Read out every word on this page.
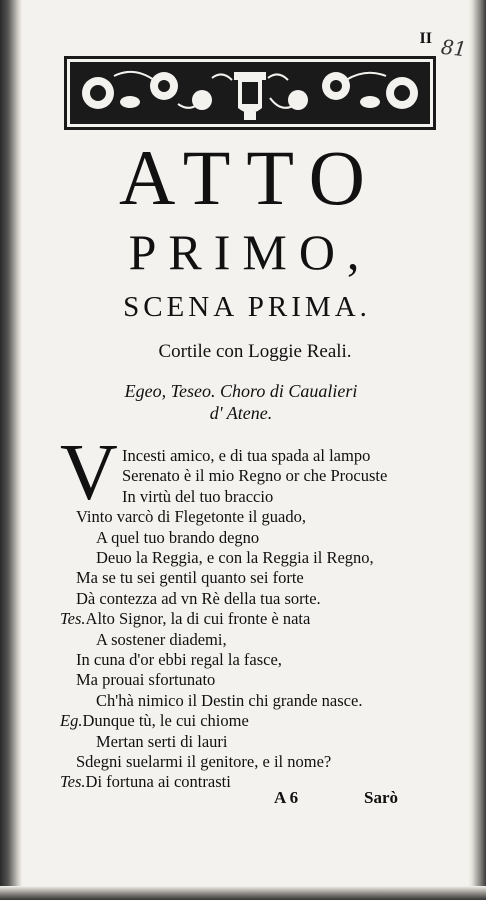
II 81
ATTO
PRIMO,
SCENA PRIMA.
Cortile con Loggie Reali.
Egeo, Teseo. Choro di Caualieri
d' Atene.
V Incesti amico, e di tua spada al lampo
Serenato è il mio Regno or che Procuste
In virtù del tuo braccio
Vinto varcò di Flegetonte il guado,
A quel tuo brando degno
Deuo la Reggia, e con la Reggia il Regno,
Ma se tu sei gentil quanto sei forte
Dà contezza ad vn Rè della tua sorte.
Tes.Alto Signor, la di cui fronte è nata
A sostener diademi,
In cuna d'or ebbi regal la fasce,
Ma prouai sfortunato
Ch'hà nimico il Destin chi grande nasce.
Eg.Dunque tù, le cui chiome
Mertan serti di lauri
Sdegni suelarmi il genitore, e il nome?
Tes.Di fortuna ai contrasti
A 6	Sarò
